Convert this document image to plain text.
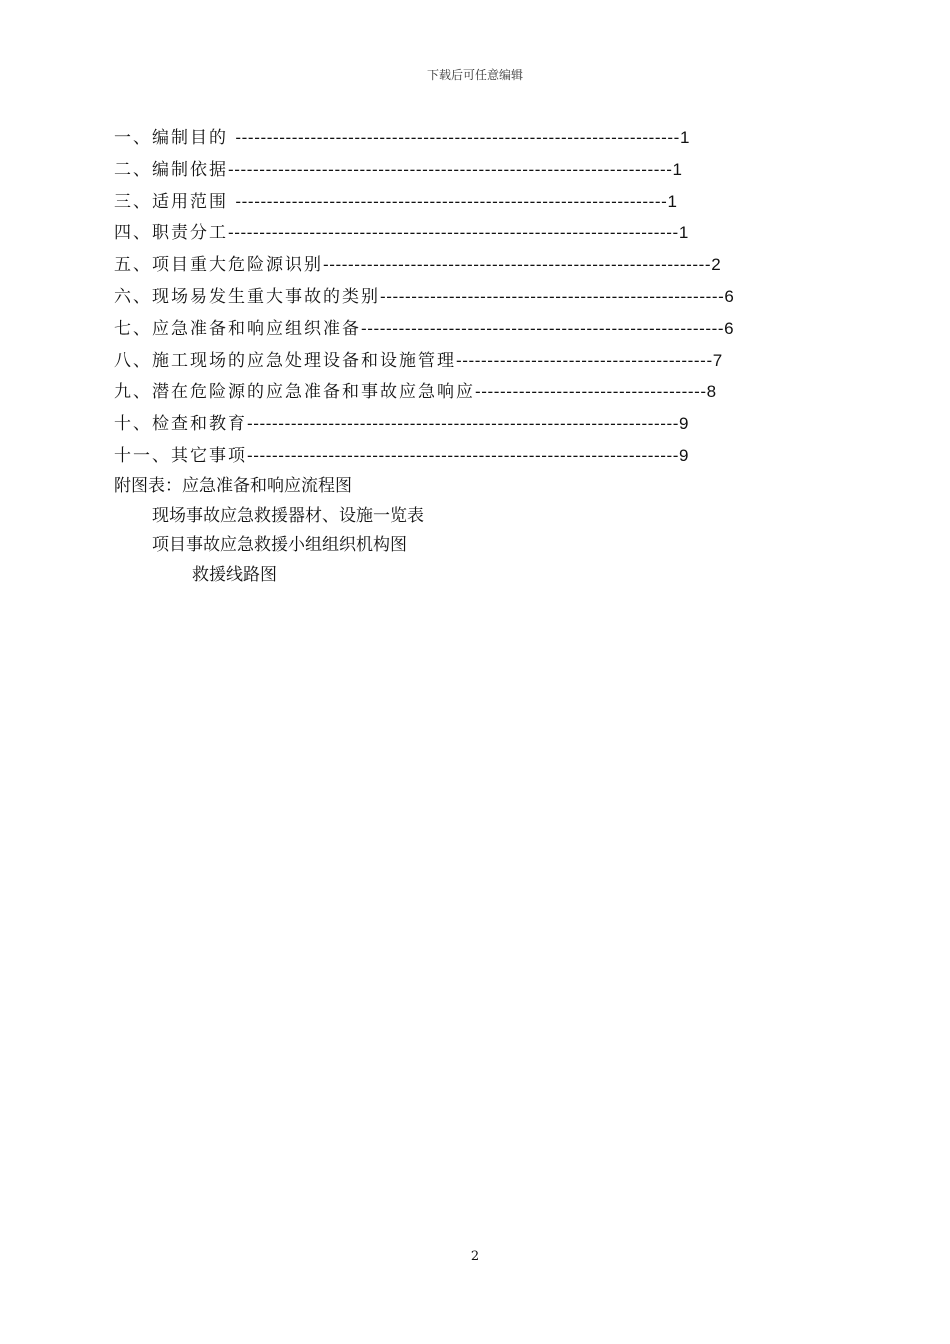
下载后可任意编辑
一、编制目的 -----------------------------------------------------------------------1
二、编制依据-----------------------------------------------------------------------1
三、适用范围 ---------------------------------------------------------------------1
四、职责分工------------------------------------------------------------------------1
五、项目重大危险源识别--------------------------------------------------------------2
六、现场易发生重大事故的类别-------------------------------------------------------6
七、应急准备和响应组织准备----------------------------------------------------------6
八、施工现场的应急处理设备和设施管理-----------------------------------------7
九、潜在危险源的应急准备和事故应急响应-------------------------------------8
十、检查和教育---------------------------------------------------------------------9
十一、其它事项---------------------------------------------------------------------9
附图表：应急准备和响应流程图
现场事故应急救援器材、设施一览表
项目事故应急救援小组组织机构图
救援线路图
2
